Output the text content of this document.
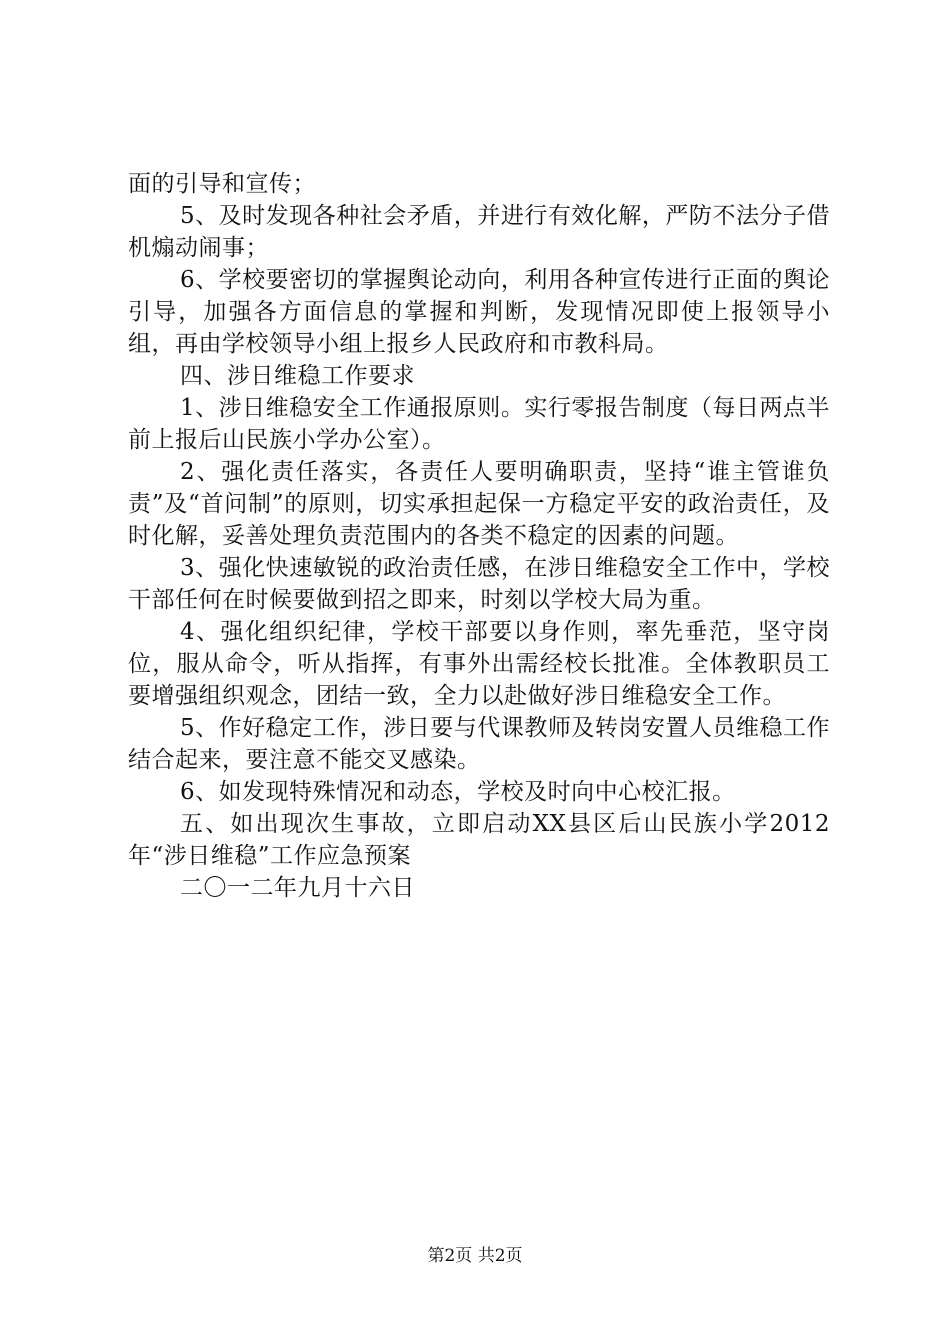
面的引导和宣传；

5、及时发现各种社会矛盾，并进行有效化解，严防不法分子借机煽动闹事；

6、学校要密切的掌握舆论动向，利用各种宣传进行正面的舆论引导，加强各方面信息的掌握和判断，发现情况即使上报领导小组，再由学校领导小组上报乡人民政府和市教科局。

四、涉日维稳工作要求

1、涉日维稳安全工作通报原则。实行零报告制度（每日两点半前上报后山民族小学办公室）。

2、强化责任落实，各责任人要明确职责，坚持“谁主管谁负责”及“首问制”的原则，切实承担起保一方稳定平安的政治责任，及时化解，妥善处理负责范围内的各类不稳定的因素的问题。

3、强化快速敏锐的政治责任感，在涉日维稳安全工作中，学校干部任何在时候要做到招之即来，时刻以学校大局为重。

4、强化组织纪律，学校干部要以身作则，率先垂范，坚守岗位，服从命令，听从指挥，有事外出需经校长批准。全体教职员工要增强组织观念，团结一致，全力以赴做好涉日维稳安全工作。

5、作好稳定工作，涉日要与代课教师及转岗安置人员维稳工作结合起来，要注意不能交叉感染。

6、如发现特殊情况和动态，学校及时向中心校汇报。

五、如出现次生事故，立即启动XX县区后山民族小学2012年“涉日维稳”工作应急预案

二〇一二年九月十六日

第2页 共2页
